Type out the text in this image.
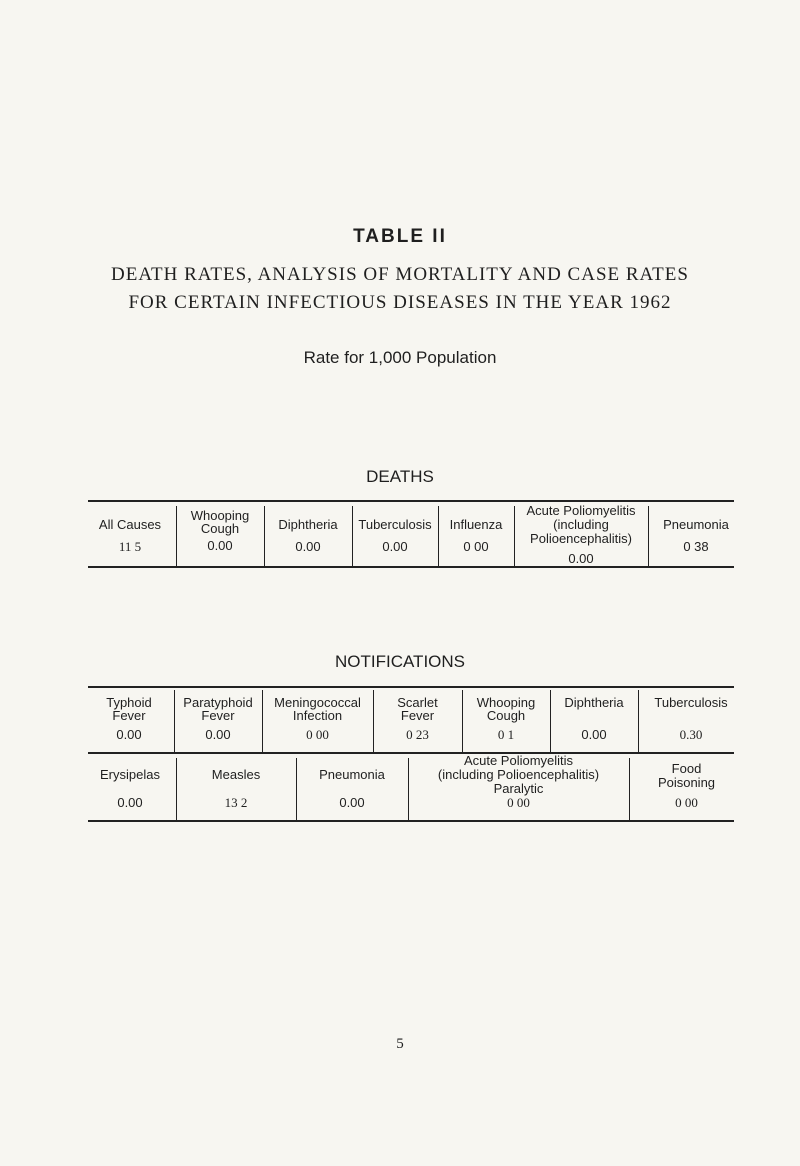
TABLE II
DEATH RATES, ANALYSIS OF MORTALITY AND CASE RATES
FOR CERTAIN INFECTIOUS DISEASES IN THE YEAR 1962
Rate for 1,000 Population
DEATHS
All Causes
11 5
Whooping
Cough
0.00
Diphtheria
0.00
Tuberculosis
0.00
Influenza
0 00
Acute Poliomyelitis
(including
Polioencephalitis)
0.00
Pneumonia
0 38
NOTIFICATIONS
Typhoid
Fever
0.00
Paratyphoid
Fever
0.00
Meningococcal
Infection
0 00
Scarlet
Fever
0 23
Whooping
Cough
0 1
Diphtheria
0.00
Tuberculosis
0.30
Erysipelas
0.00
Measles
13 2
Pneumonia
0.00
Acute Poliomyelitis
(including Polioencephalitis)
Paralytic
0 00
Food
Poisoning
0 00
5
